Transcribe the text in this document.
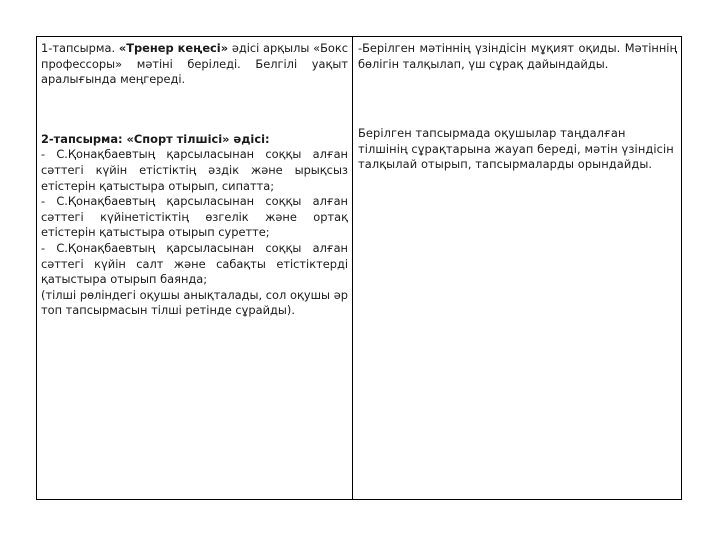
1-тапсырма. «Тренер кеңесі» әдісі арқылы «Бокс профессоры» мәтіні беріледі. Белгілі уақыт аралығында меңгереді.

2-тапсырма: «Спорт тілшісі» әдісі:

- С.Қонақбаевтың қарсыласынан соққы алған сәттегі күйін етістіктің әздік және ырықсыз етістерін қатыстыра отырып, сипатта;

- С.Қонақбаевтың қарсыласынан соққы алған сәттегі күйінетістіктің өзгелік және ортақ етістерін қатыстыра отырып суретте;

- С.Қонақбаевтың қарсыласынан соққы алған сәттегі күйін салт және сабақты етістіктерді қатыстыра отырып баянда;

(тілші рөліндегі оқушы анықталады, сол оқушы әр топ тапсырмасын тілші ретінде сұрайды).

-Берілген мәтіннің үзіндісін мұқият оқиды. Мәтіннің бөлігін талқылап, үш сұрақ дайындайды.

Берілген тапсырмада оқушылар таңдалған тілшінің сұрақтарына жауап береді, мәтін үзіндісін талқылай отырып, тапсырмаларды орындайды.
